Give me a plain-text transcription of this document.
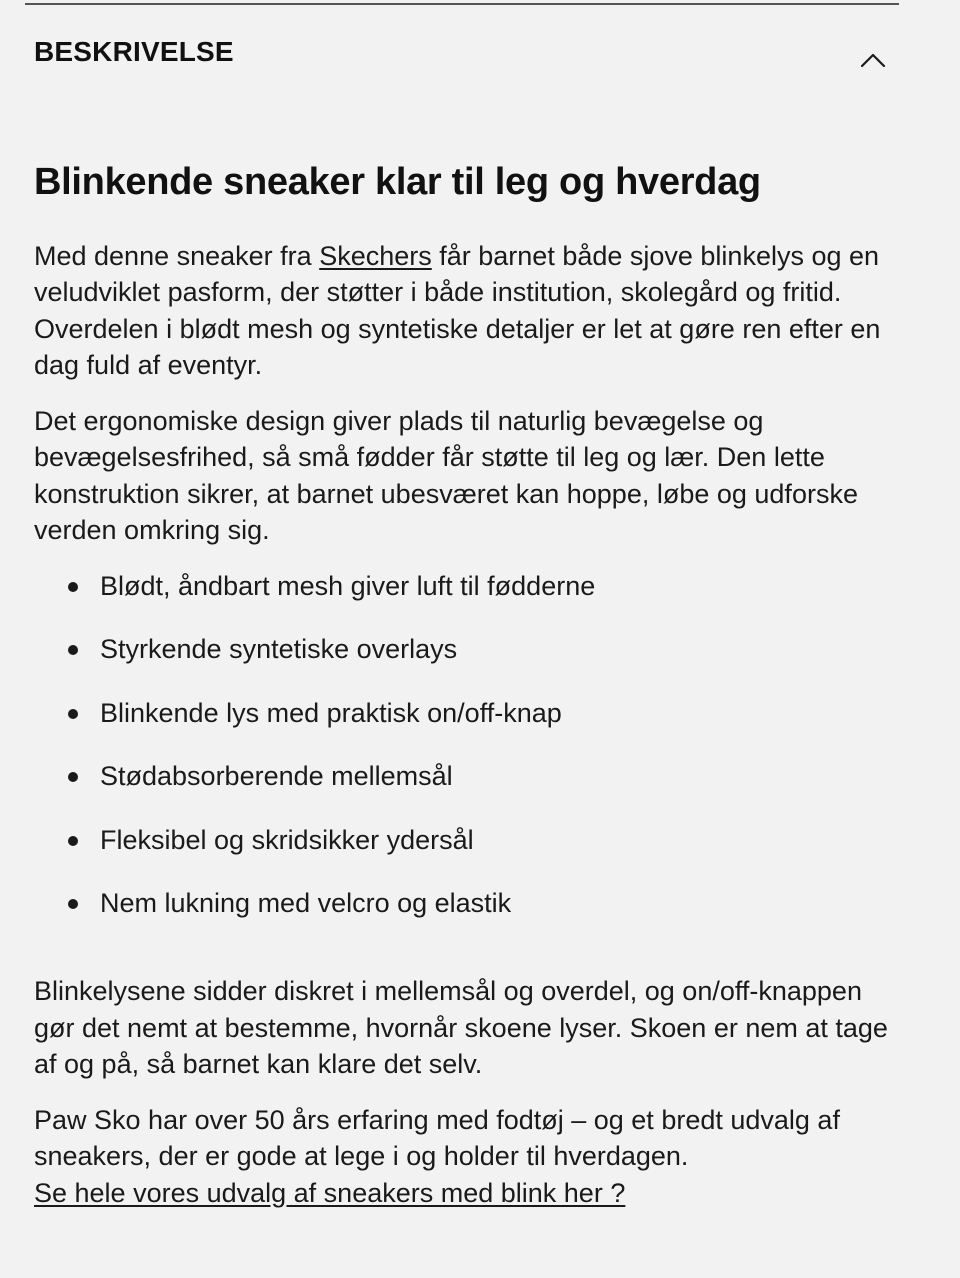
BESKRIVELSE
Blinkende sneaker klar til leg og hverdag

Med denne sneaker fra Skechers får barnet både sjove blinkelys og en veludviklet pasform, der støtter i både institution, skolegård og fritid. Overdelen i blødt mesh og syntetiske detaljer er let at gøre ren efter en dag fuld af eventyr.

Det ergonomiske design giver plads til naturlig bevægelse og bevægelsesfrihed, så små fødder får støtte til leg og lær. Den lette konstruktion sikrer, at barnet ubesværet kan hoppe, løbe og udforske verden omkring sig.

Blødt, åndbart mesh giver luft til fødderne
Styrkende syntetiske overlays
Blinkende lys med praktisk on/off-knap
Stødabsorberende mellemsål
Fleksibel og skridsikker ydersål
Nem lukning med velcro og elastik

Blinkelysene sidder diskret i mellemsål og overdel, og on/off-knappen gør det nemt at bestemme, hvornår skoene lyser. Skoen er nem at tage af og på, så barnet kan klare det selv.

Paw Sko har over 50 års erfaring med fodtøj – og et bredt udvalg af sneakers, der er gode at lege i og holder til hverdagen.
Se hele vores udvalg af sneakers med blink her ?
